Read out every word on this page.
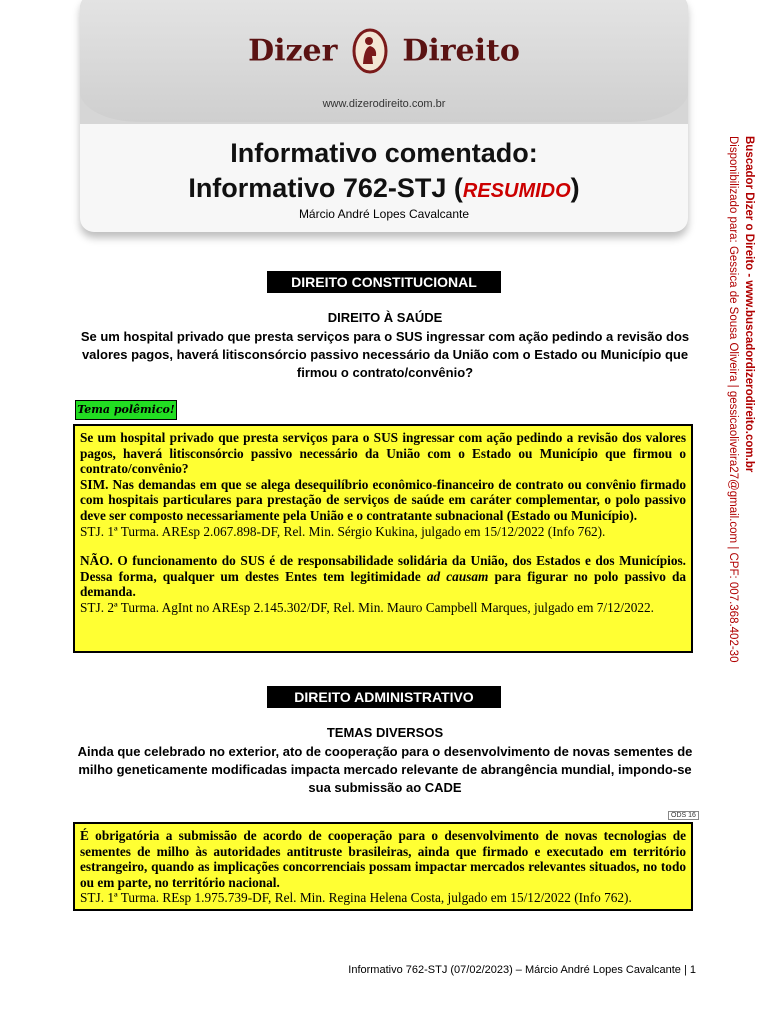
Dizer Direito
www.dizerodireito.com.br
Informativo comentado:
Informativo 762-STJ (RESUMIDO)
Márcio André Lopes Cavalcante
DIREITO CONSTITUCIONAL
DIREITO À SAÚDE
Se um hospital privado que presta serviços para o SUS ingressar com ação pedindo a revisão dos valores pagos, haverá litisconsórcio passivo necessário da União com o Estado ou Município que firmou o contrato/convênio?
Tema polêmico!

Se um hospital privado que presta serviços para o SUS ingressar com ação pedindo a revisão dos valores pagos, haverá litisconsórcio passivo necessário da União com o Estado ou Município que firmou o contrato/convênio?

SIM. Nas demandas em que se alega desequilíbrio econômico-financeiro de contrato ou convênio firmado com hospitais particulares para prestação de serviços de saúde em caráter complementar, o polo passivo deve ser composto necessariamente pela União e o contratante subnacional (Estado ou Município).

STJ. 1ª Turma. AREsp 2.067.898-DF, Rel. Min. Sérgio Kukina, julgado em 15/12/2022 (Info 762).

NÃO. O funcionamento do SUS é de responsabilidade solidária da União, dos Estados e dos Municípios. Dessa forma, qualquer um destes Entes tem legitimidade ad causam para figurar no polo passivo da demanda.

STJ. 2ª Turma. AgInt no AREsp 2.145.302/DF, Rel. Min. Mauro Campbell Marques, julgado em 7/12/2022.

DIREITO ADMINISTRATIVO
TEMAS DIVERSOS
Ainda que celebrado no exterior, ato de cooperação para o desenvolvimento de novas sementes de milho geneticamente modificadas impacta mercado relevante de abrangência mundial, impondo-se sua submissão ao CADE
ODS 16

É obrigatória a submissão de acordo de cooperação para o desenvolvimento de novas tecnologias de sementes de milho às autoridades antitruste brasileiras, ainda que firmado e executado em território estrangeiro, quando as implicações concorrenciais possam impactar mercados relevantes situados, no todo ou em parte, no território nacional.

STJ. 1ª Turma. REsp 1.975.739-DF, Rel. Min. Regina Helena Costa, julgado em 15/12/2022 (Info 762).

Informativo 762-STJ (07/02/2023) – Márcio André Lopes Cavalcante | 1
Buscador Dizer o Direito - www.buscadordizerodireito.com.br
Disponibilizado para: Gessica de Sousa Oliveira | gessicaoliveira27@gmail.com | CPF: 007.368.402-30
